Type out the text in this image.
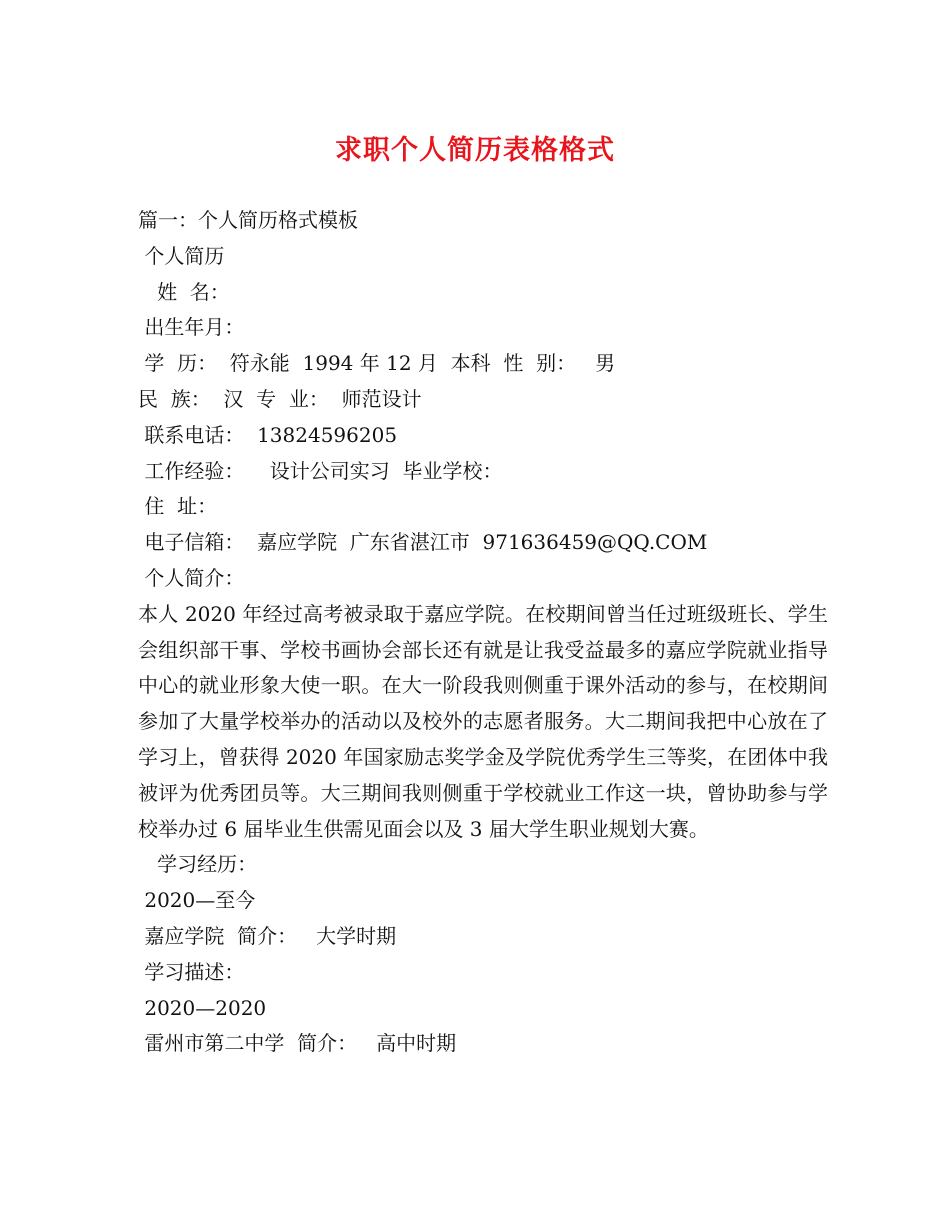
求职个人简历表格格式
篇一：个人简历格式模板
个人简历
姓  名：
出生年月：
学  历：  符永能  1994 年 12 月  本科  性  别：   男
民  族：  汉  专  业：  师范设计
联系电话：  13824596205
工作经验：    设计公司实习  毕业学校：
住  址：
电子信箱：  嘉应学院  广东省湛江市  971636459@QQ.COM
个人简介：
本人 2020 年经过高考被录取于嘉应学院。在校期间曾当任过班级班长、学生会组织部干事、学校书画协会部长还有就是让我受益最多的嘉应学院就业指导中心的就业形象大使一职。在大一阶段我则侧重于课外活动的参与，在校期间参加了大量学校举办的活动以及校外的志愿者服务。大二期间我把中心放在了学习上，曾获得 2020 年国家励志奖学金及学院优秀学生三等奖，在团体中我被评为优秀团员等。大三期间我则侧重于学校就业工作这一块，曾协助参与学校举办过 6 届毕业生供需见面会以及 3 届大学生职业规划大赛。
学习经历：
2020—至今
嘉应学院  简介：   大学时期
学习描述：
2020—2020
雷州市第二中学  简介：   高中时期
